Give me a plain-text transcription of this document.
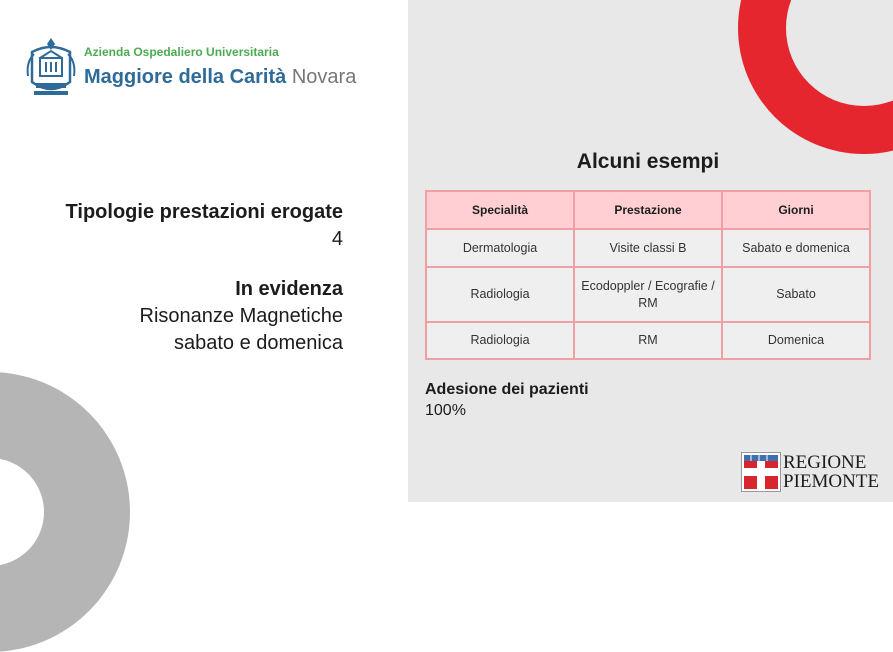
Azienda Ospedaliero Universitaria
Maggiore della Carità Novara
Tipologie prestazioni erogate
4
In evidenza
Risonanze Magnetiche
sabato e domenica
Alcuni esempi
Specialità	Prestazione	Giorni
Dermatologia	Visite classi B	Sabato e domenica
Radiologia	Ecodoppler / Ecografie / RM	Sabato
Radiologia	RM	Domenica
Adesione dei pazienti
100%
REGIONE
PIEMONTE
